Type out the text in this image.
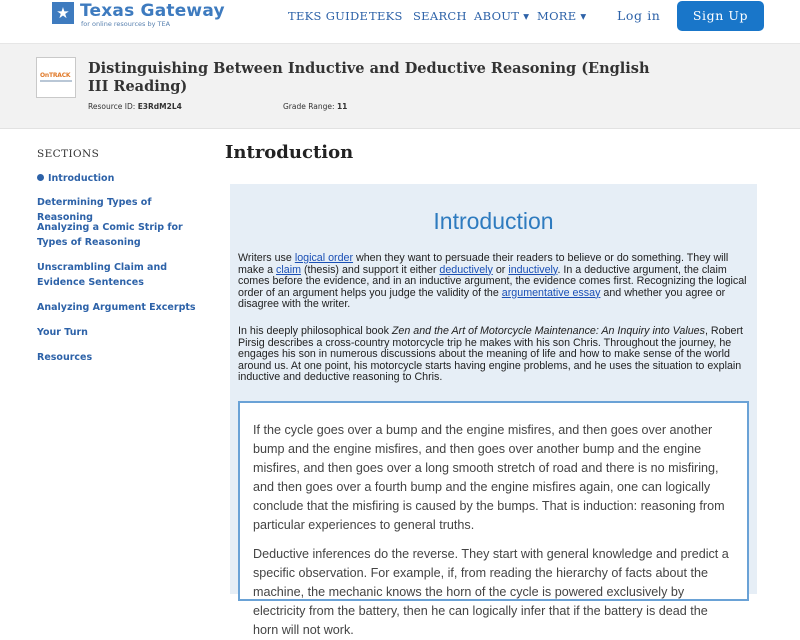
★ Texas Gateway
for online resources by TEA
TEKS GUIDE TEKS SEARCH ABOUT ▾ MORE ▾ Log in	Sign Up
OnTRACK Distinguishing Between Inductive and Deductive Reasoning (English III Reading)
Resource ID: E3RdM2L4	Grade Range: 11
SECTIONS
Introduction
Determining Types of Reasoning
Analyzing a Comic Strip for
Types of Reasoning
Unscrambling Claim and
Evidence Sentences
Analyzing Argument Excerpts
Your Turn
Resources
Introduction
Introduction

Writers use logical order when they want to persuade their readers to believe or do something. They will make a claim (thesis) and support it either deductively or inductively. In a deductive argument, the claim comes before the evidence, and in an inductive argument, the evidence comes first. Recognizing the logical order of an argument helps you judge the validity of the argumentative essay and whether you agree or disagree with the writer.

In his deeply philosophical book Zen and the Art of Motorcycle Maintenance: An Inquiry into Values, Robert Pirsig describes a cross-country motorcycle trip he makes with his son Chris. Throughout the journey, he engages his son in numerous discussions about the meaning of life and how to make sense of the world around us. At one point, his motorcycle starts having engine problems, and he uses the situation to explain inductive and deductive reasoning to Chris.

If the cycle goes over a bump and the engine misfires, and then goes over another bump and the engine misfires, and then goes over another bump and the engine misfires, and then goes over a long smooth stretch of road and there is no misfiring, and then goes over a fourth bump and the engine misfires again, one can logically conclude that the misfiring is caused by the bumps. That is induction: reasoning from particular experiences to general truths.

Deductive inferences do the reverse. They start with general knowledge and predict a specific observation. For example, if, from reading the hierarchy of facts about the machine, the mechanic knows the horn of the cycle is powered exclusively by electricity from the battery, then he can logically infer that if the battery is dead the horn will not work.
